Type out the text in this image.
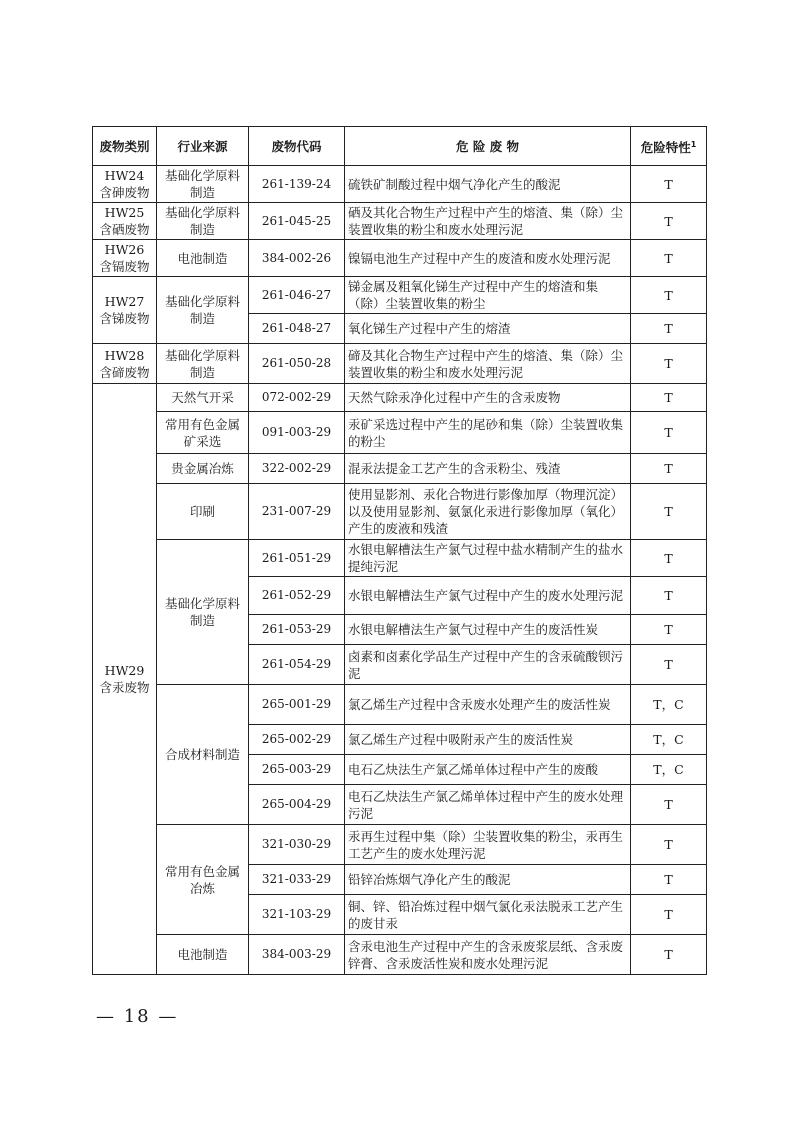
废物类别	行业来源	废物代码	危 险 废 物	危险特性$^1$
HW24
含砷废物	基础化学原料制造	261-139-24	硫铁矿制酸过程中烟气净化产生的酸泥	T
HW25
含硒废物	基础化学原料制造	261-045-25	硒及其化合物生产过程中产生的熔渣、集（除）尘装置收集的粉尘和废水处理污泥	T
HW26
含镉废物	电池制造	384-002-26	镍镉电池生产过程中产生的废渣和废水处理污泥	T
HW27
含锑废物	基础化学原料制造	261-046-27	锑金属及粗氧化锑生产过程中产生的熔渣和集（除）尘装置收集的粉尘	T
		261-048-27	氧化锑生产过程中产生的熔渣	T
HW28
含碲废物	基础化学原料制造	261-050-28	碲及其化合物生产过程中产生的熔渣、集（除）尘装置收集的粉尘和废水处理污泥	T
HW29
含汞废物	天然气开采	072-002-29	天然气除汞净化过程中产生的含汞废物	T
	常用有色金属矿采选	091-003-29	汞矿采选过程中产生的尾砂和集（除）尘装置收集的粉尘	T
	贵金属冶炼	322-002-29	混汞法提金工艺产生的含汞粉尘、残渣	T
	印刷	231-007-29	使用显影剂、汞化合物进行影像加厚（物理沉淀）以及使用显影剂、氨氯化汞进行影像加厚（氧化）产生的废液和残渣	T
	基础化学原料制造	261-051-29	水银电解槽法生产氯气过程中盐水精制产生的盐水提纯污泥	T
		261-052-29	水银电解槽法生产氯气过程中产生的废水处理污泥	T
		261-053-29	水银电解槽法生产氯气过程中产生的废活性炭	T
		261-054-29	卤素和卤素化学品生产过程中产生的含汞硫酸钡污泥	T
	合成材料制造	265-001-29	氯乙烯生产过程中含汞废水处理产生的废活性炭	T，C
		265-002-29	氯乙烯生产过程中吸附汞产生的废活性炭	T，C
		265-003-29	电石乙炔法生产氯乙烯单体过程中产生的废酸	T，C
		265-004-29	电石乙炔法生产氯乙烯单体过程中产生的废水处理污泥	T
	常用有色金属冶炼	321-030-29	汞再生过程中集（除）尘装置收集的粉尘，汞再生工艺产生的废水处理污泥	T
		321-033-29	铅锌冶炼烟气净化产生的酸泥	T
		321-103-29	铜、锌、铅冶炼过程中烟气氯化汞法脱汞工艺产生的废甘汞	T
	电池制造	384-003-29	含汞电池生产过程中产生的含汞废浆层纸、含汞废锌膏、含汞废活性炭和废水处理污泥	T
— 18 —
